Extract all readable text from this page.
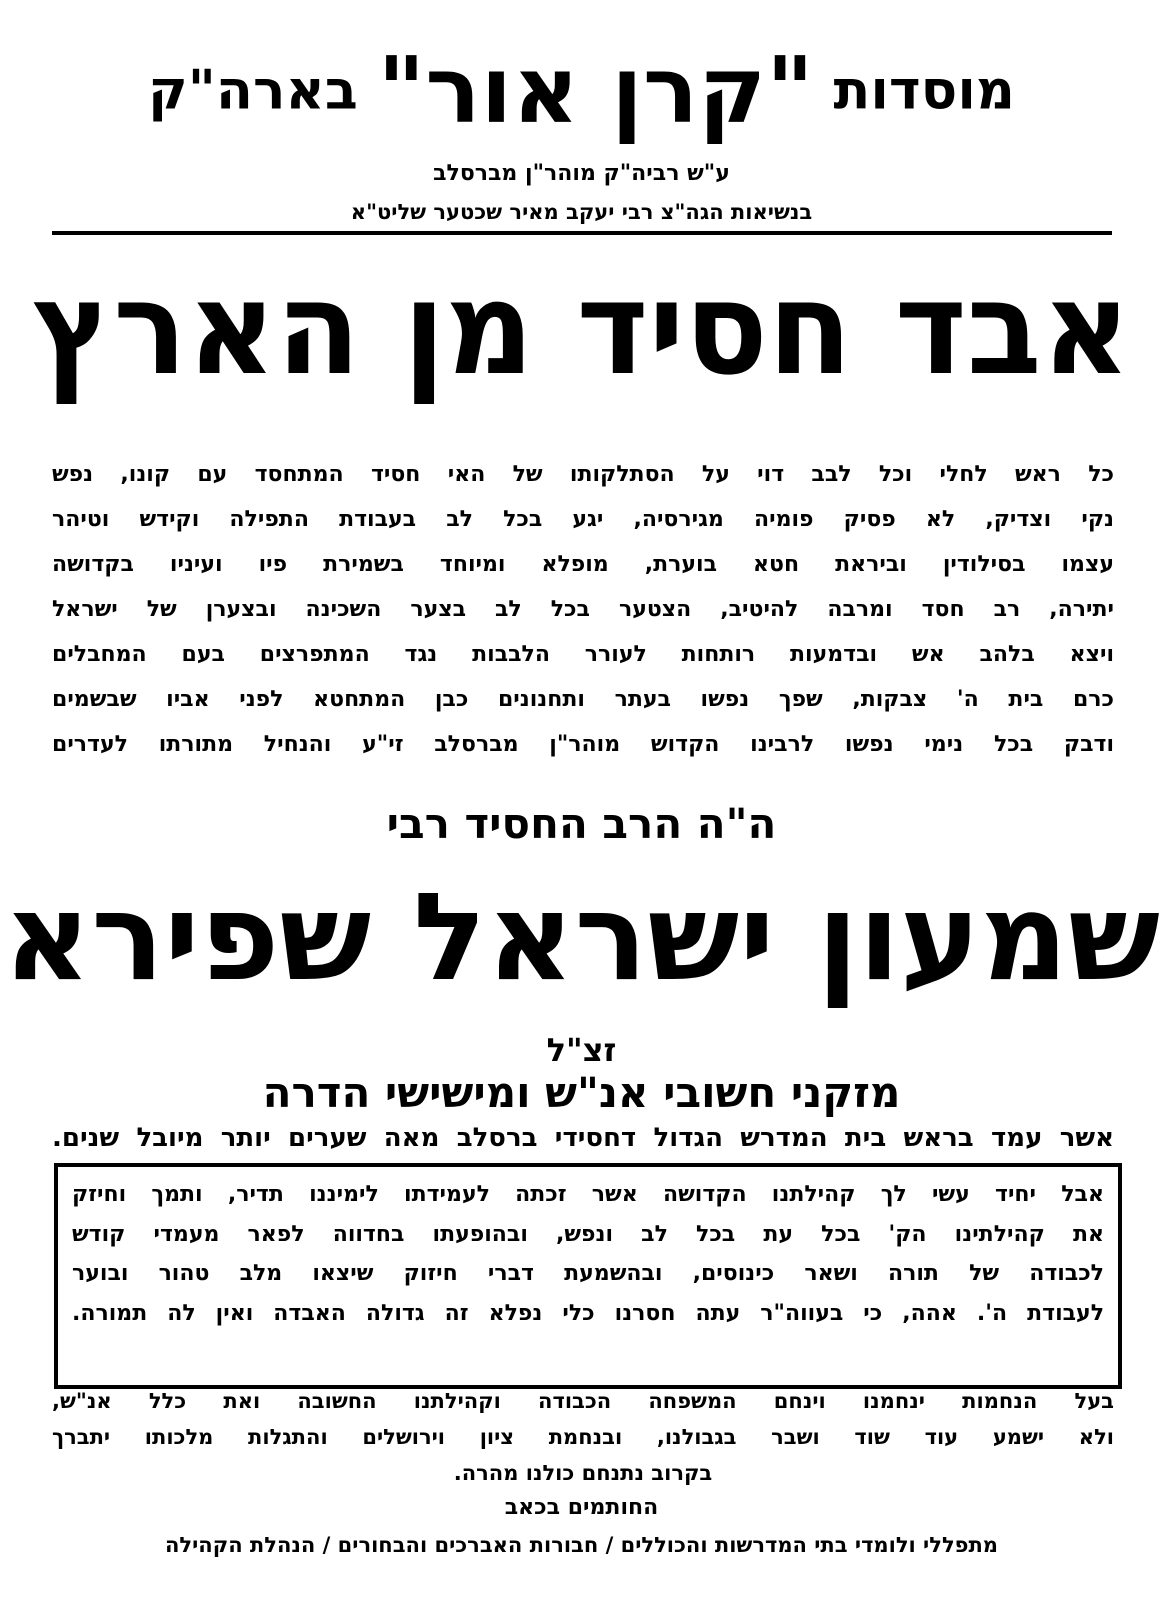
מוסדות "קרן אור" בארה"ק
ע"ש רביה"ק מוהר"ן מברסלב
בנשיאות הגה"צ רבי יעקב מאיר שכטער שליט"א
אבד חסיד מן הארץ
כל ראש לחלי וכל לבב דוי על הסתלקותו של האי חסיד המתחסד עם קונו, נפש
נקי וצדיק, לא פסיק פומיה מגירסיה, יגע בכל לב בעבודת התפילה וקידש וטיהר
עצמו בסילודין וביראת חטא בוערת, מופלא ומיוחד בשמירת פיו ועיניו בקדושה
יתירה, רב חסד ומרבה להיטיב, הצטער בכל לב בצער השכינה ובצערן של ישראל
ויצא בלהב אש ובדמעות רותחות לעורר הלבבות נגד המתפרצים בעם המחבלים
כרם בית ה' צבקות, שפך נפשו בעתר ותחנונים כבן המתחטא לפני אביו שבשמים
ודבק בכל נימי נפשו לרבינו הקדוש מוהר"ן מברסלב זי"ע והנחיל מתורתו לעדרים
ה"ה הרב החסיד רבי
שמעון ישראל שפירא
זצ"ל
מזקני חשובי אנ"ש ומישישי הדרה
אשר עמד בראש בית המדרש הגדול דחסידי ברסלב מאה שערים יותר מיובל שנים.
אבל יחיד עשי לך קהילתנו הקדושה אשר זכתה לעמידתו לימיננו תדיר, ותמך וחיזק
את קהילתינו הק' בכל עת בכל לב ונפש, ובהופעתו בחדווה לפאר מעמדי קודש
לכבודה של תורה ושאר כינוסים, ובהשמעת דברי חיזוק שיצאו מלב טהור ובוער
לעבודת ה'. אהה, כי בעווה"ר עתה חסרנו כלי נפלא זה גדולה האבדה ואין לה תמורה.
בעל הנחמות ינחמנו וינחם המשפחה הכבודה וקהילתנו החשובה ואת כלל אנ"ש,
ולא ישמע עוד שוד ושבר בגבולנו, ובנחמת ציון וירושלים והתגלות מלכותו יתברך
בקרוב נתנחם כולנו מהרה.
החותמים בכאב
מתפללי ולומדי בתי המדרשות והכוללים / חבורות האברכים והבחורים / הנהלת הקהילה
